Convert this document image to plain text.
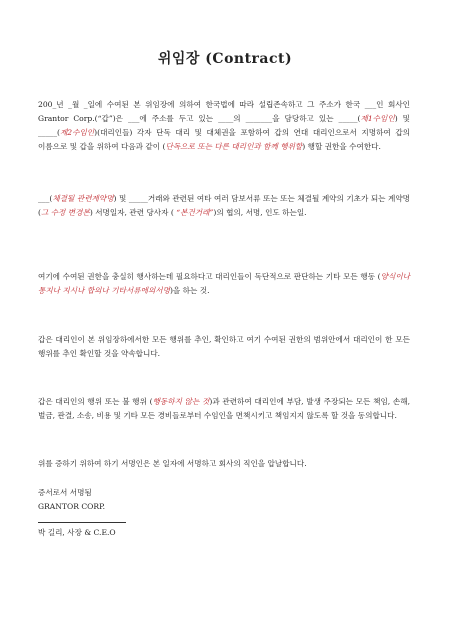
위임장 (Contract)
200_년 _월 _일에 수여된 본 위임장에 의하여 한국법에 따라 설립존속하고 그 주소가 한국 ___인 회사인 Grantor Corp.(“갑”)은 ___에 주소를 두고 있는 ____의 _______을 담당하고 있는 _____(제1수임인) 및 _____(제2수임인)(대리인들) 각자 단독 대리 및 대체권을 포함하여 갑의 연대 대리인으로서 지명하여 갑의 이름으로 및 갑을 위하여 다음과 같이 (단독으로 또는 다른 대리인과 함께 행위할) 행할 권한을 수여한다.
___(체결될 관련계약명) 및 _____거래와 관련된 여타 여러 담보서류 또는 또는 체결될 계약의 기초가 되는 계약명 (그 수정 변경본) 서명일자, 관련 당사자 ( “본건거래”)의 협의, 서명, 인도 하는일.
여기에 수여된 권한을 충실히 행사하는데 필요하다고 대리인들이 독단적으로 판단하는 기타 모든 행동 (양식이나 통지나 지시나 합의나 기타서류에의서명)을 하는 것.
갑은 대리인이 본 위임장하에서한 모든 행위를 추인, 확인하고 여기 수여된 권한의 범위안에서 대리인이 한 모든 행위를 추인 확인할 것을 약속합니다.
갑은 대리인의 행위 또는 불 행위 (행동하지 않는 것)과 관련하여 대리인에 부담, 발생 주장되는 모든 책임, 손해, 벌금, 판결, 소송, 비용 및 기타 모든 경비들로부터 수임인을 면책시키고 책임지지 않도록 할 것을 동의합니다.
위를 증하기 위하여 하기 서명인은 본 일자에 서명하고 회사의 직인을 압날합니다.
증서로서 서명됨
GRANTOR CORP.
박 길리, 사장 & C.E.O
